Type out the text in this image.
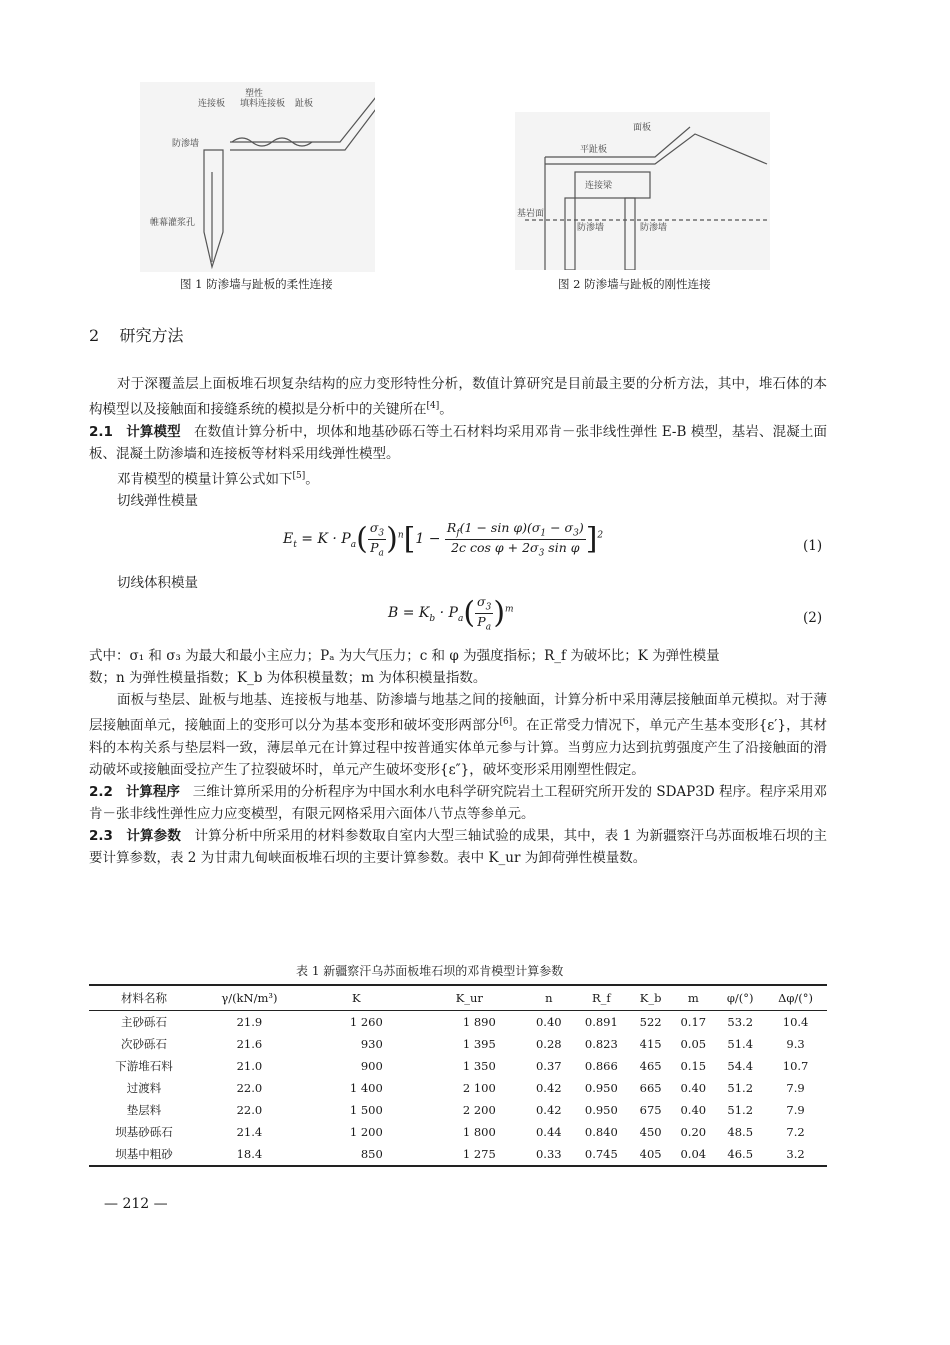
塑性
连接板 填料连接板 趾板
防渗墙
帷幕灌浆孔
图 1 防渗墙与趾板的柔性连接
面板
平趾板
连接梁
基岩面
防渗墙	防渗墙
图 2 防渗墙与趾板的刚性连接
2 研究方法

对于深覆盖层上面板堆石坝复杂结构的应力变形特性分析，数值计算研究是目前最主要的分析方法，其中，堆石体的本构模型以及接触面和接缝系统的模拟是分析中的关键所在[4]。

2.1 计算模型 在数值计算分析中，坝体和地基砂砾石等土石材料均采用邓肯－张非线性弹性 E-B 模型，基岩、混凝土面板、混凝土防渗墙和连接板等材料采用线弹性模型。

邓肯模型的模量计算公式如下[5]。

切线弹性模量

$E_t = K \cdot P_a( \frac{\sigma_3}{P_a} )^n[1 - \frac{R_f(1 - \sin \varphi)(\sigma_1 - \sigma_3)}{2c \cos \varphi + 2\sigma_3 \sin \varphi} ]^2$
(1)
切线体积模量
$B = K_b \cdot P_a( \frac{\sigma_3}{P_a} )^m$
(2)

式中：σ₁ 和 σ₃ 为最大和最小主应力；Pₐ 为大气压力；c 和 φ 为强度指标；R_f 为破坏比；K 为弹性模量

数；n 为弹性模量指数；K_b 为体积模量数；m 为体积模量指数。

面板与垫层、趾板与地基、连接板与地基、防渗墙与地基之间的接触面，计算分析中采用薄层接触面单元模拟。对于薄层接触面单元，接触面上的变形可以分为基本变形和破坏变形两部分[6]。在正常受力情况下，单元产生基本变形{ε′}，其材料的本构关系与垫层料一致，薄层单元在计算过程中按普通实体单元参与计算。当剪应力达到抗剪强度产生了沿接触面的滑动破坏或接触面受拉产生了拉裂破坏时，单元产生破坏变形{ε″}，破坏变形采用刚塑性假定。

2.2 计算程序 三维计算所采用的分析程序为中国水利水电科学研究院岩土工程研究所开发的 SDAP3D 程序。程序采用邓肯－张非线性弹性应力应变模型，有限元网格采用六面体八节点等参单元。

2.3 计算参数 计算分析中所采用的材料参数取自室内大型三轴试验的成果，其中，表 1 为新疆察汗乌苏面板堆石坝的主要计算参数，表 2 为甘肃九甸峡面板堆石坝的主要计算参数。表中 K_ur 为卸荷弹性模量数。

表 1 新疆察汗乌苏面板堆石坝的邓肯模型计算参数
材料名称	γ/(kN/m³)	K	K_ur	n	R_f	K_b	m	φ/(°)	Δφ/(°)
主砂砾石	21.9	1 260	1 890	0.40	0.891	522	0.17	53.2	10.4
次砂砾石	21.6	930	1 395	0.28	0.823	415	0.05	51.4	9.3
下游堆石料	21.0	900	1 350	0.37	0.866	465	0.15	54.4	10.7
过渡料	22.0	1 400	2 100	0.42	0.950	665	0.40	51.2	7.9
垫层料	22.0	1 500	2 200	0.42	0.950	675	0.40	51.2	7.9
坝基砂砾石	21.4	1 200	1 800	0.44	0.840	450	0.20	48.5	7.2
坝基中粗砂	18.4	850	1 275	0.33	0.745	405	0.04	46.5	3.2
— 212 —
